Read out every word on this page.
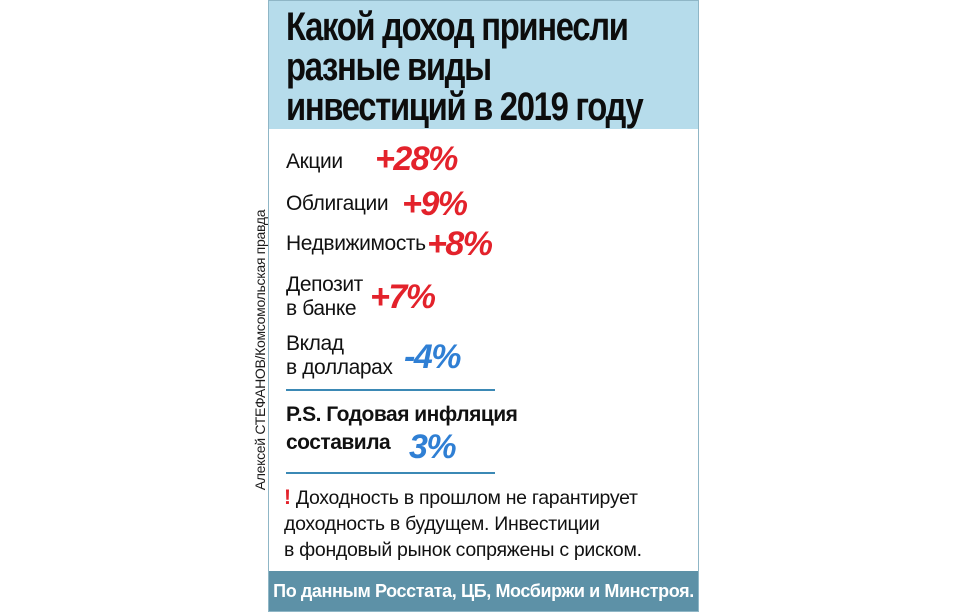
Алексей СТЕФАНОВ/Комсомольская правда
Какой доход принесли
разные виды
инвестиций в 2019 году
Акции +28%
Облигации +9%
Недвижимость +8%
Депозит
в банке +7%
Вклад
в долларах -4%
P.S. Годовая инфляция
составила 3%
! Доходность в прошлом не гарантирует
доходность в будущем. Инвестиции
в фондовый рынок сопряжены с риском.
По данным Росстата, ЦБ, Мосбиржи и Минстроя.
